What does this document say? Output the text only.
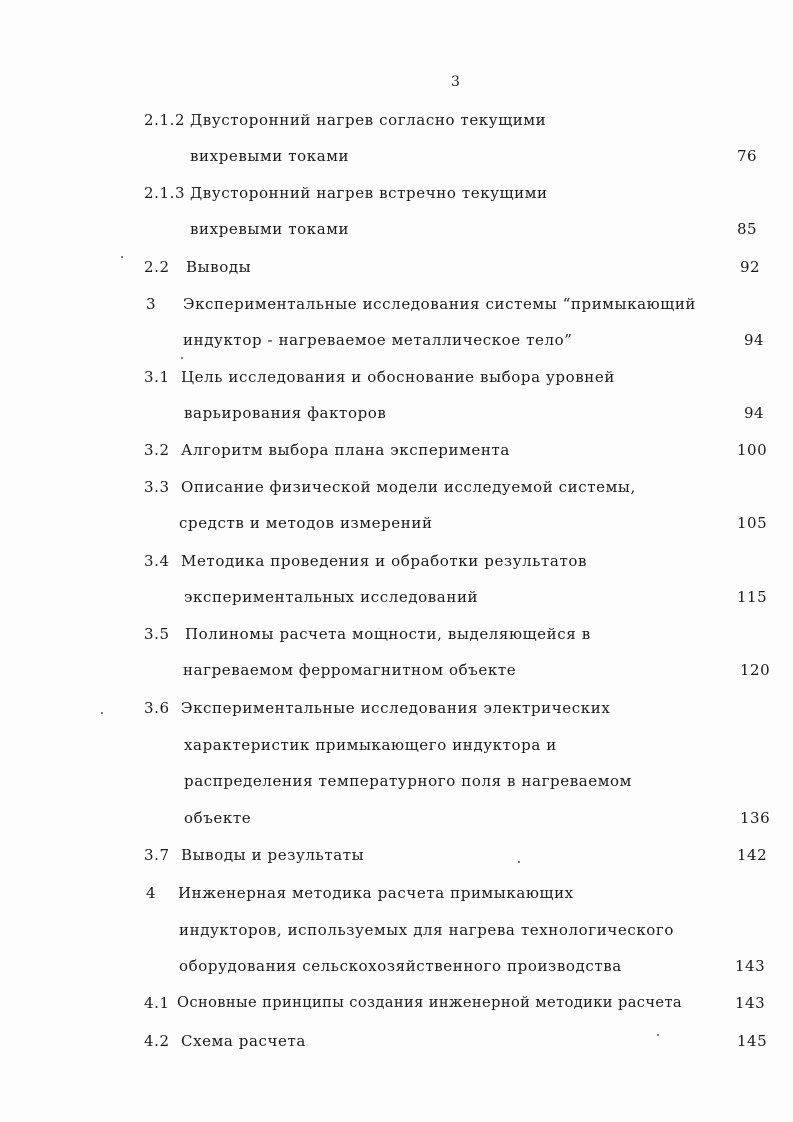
3
2.1.2 Двусторонний нагрев согласно текущими
вихревыми токами	76
2.1.3 Двусторонний нагрев встречно текущими
вихревыми токами	85
2.2 Выводы	92
3 Экспериментальные исследования системы “примыкающий
индуктор - нагреваемое металлическое тело”	94
3.1 Цель исследования и обоснование выбора уровней
варьирования факторов	94
3.2 Алгоритм выбора плана эксперимента	100
3.3 Описание физической модели исследуемой системы,
средств и методов измерений	105
3.4 Методика проведения и обработки результатов
экспериментальных исследований	115
3.5 Полиномы расчета мощности, выделяющейся в
нагреваемом ферромагнитном объекте	120
3.6 Экспериментальные исследования электрических
характеристик примыкающего индуктора и
распределения температурного поля в нагреваемом
объекте	136
3.7 Выводы и результаты	142
4 Инженерная методика расчета примыкающих
индукторов, используемых для нагрева технологического
оборудования сельскохозяйственного производства	143
4.1 Основные принципы создания инженерной методики расчета	143
4.2 Схема расчета	145
